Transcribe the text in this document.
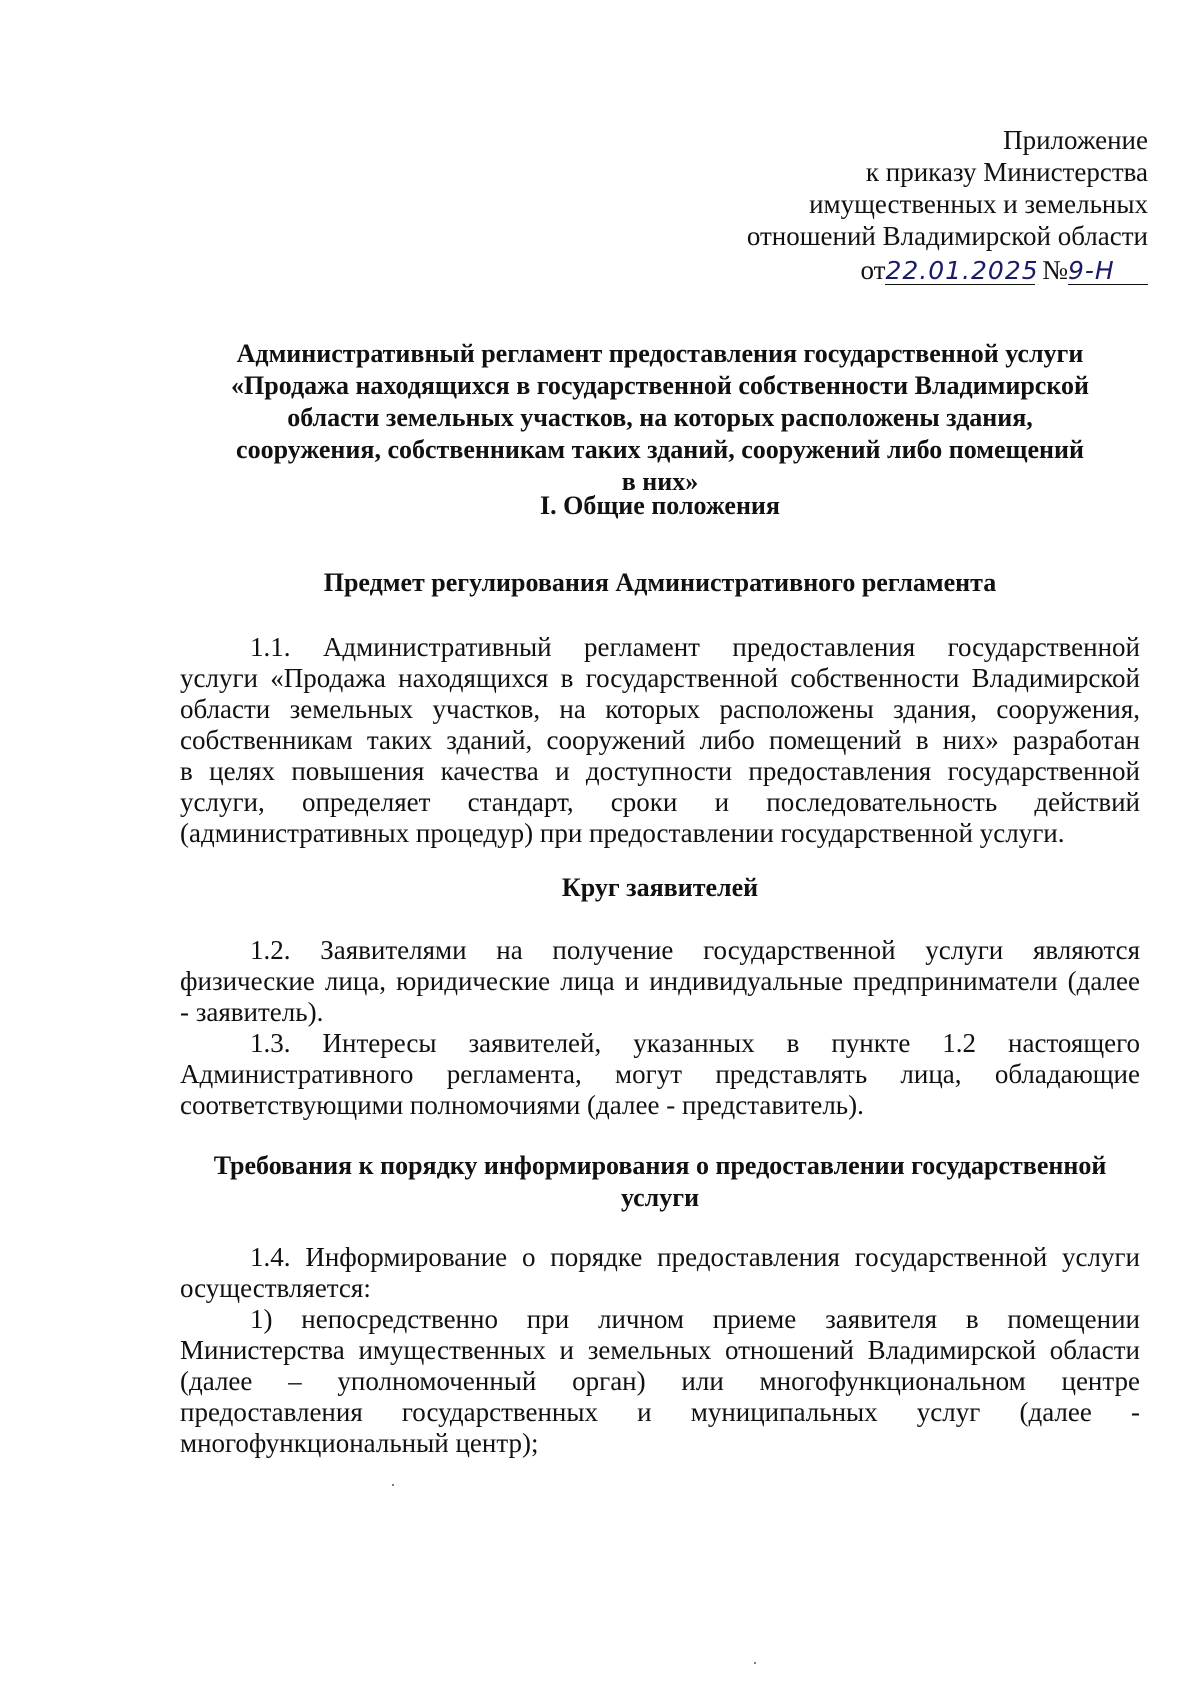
Приложение
к приказу Министерства
имущественных и земельных
отношений Владимирской области
от22.01.2025 №9-Н
Административный регламент предоставления государственной услуги
«Продажа находящихся в государственной собственности Владимирской
области земельных участков, на которых расположены здания,
сооружения, собственникам таких зданий, сооружений либо помещений
в них»
I. Общие положения
Предмет регулирования Административного регламента
1.1. Административный регламент предоставления государственной
услуги «Продажа находящихся в государственной собственности Владимирской
области земельных участков, на которых расположены здания, сооружения,
собственникам таких зданий, сооружений либо помещений в них» разработан
в целях повышения качества и доступности предоставления государственной
услуги, определяет стандарт, сроки и последовательность действий
(административных процедур) при предоставлении государственной услуги.
Круг заявителей
1.2. Заявителями на получение государственной услуги являются
физические лица, юридические лица и индивидуальные предприниматели (далее
- заявитель).
1.3. Интересы заявителей, указанных в пункте 1.2 настоящего
Административного регламента, могут представлять лица, обладающие
соответствующими полномочиями (далее - представитель).
Требования к порядку информирования о предоставлении государственной
услуги
1.4. Информирование о порядке предоставления государственной услуги
осуществляется:
1) непосредственно при личном приеме заявителя в помещении
Министерства имущественных и земельных отношений Владимирской области
(далее – уполномоченный орган) или многофункциональном центре
предоставления государственных и муниципальных услуг (далее -
многофункциональный центр);
